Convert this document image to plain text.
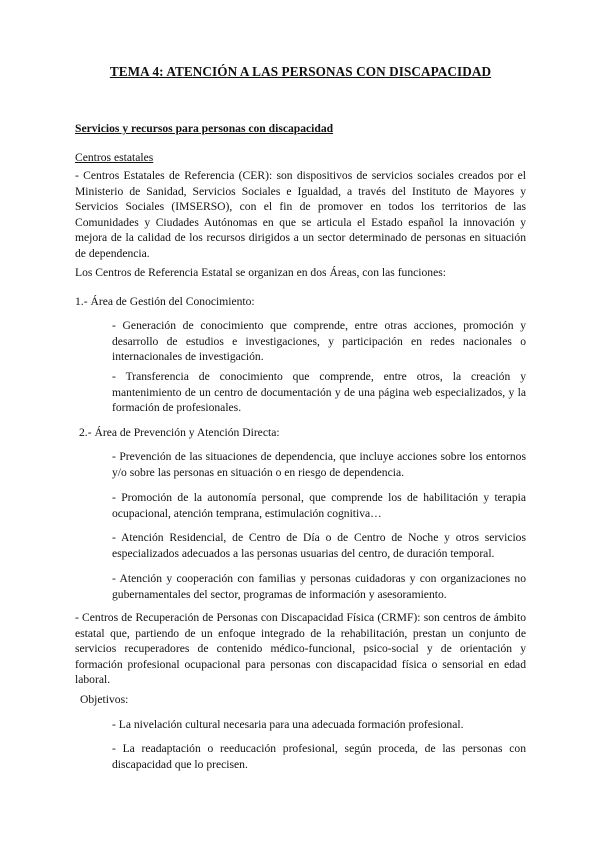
TEMA 4: ATENCIÓN A LAS PERSONAS CON DISCAPACIDAD
Servicios y recursos para personas con discapacidad
Centros estatales
- Centros Estatales de Referencia (CER): son dispositivos de servicios sociales creados por el Ministerio de Sanidad, Servicios Sociales e Igualdad, a través del Instituto de Mayores y Servicios Sociales (IMSERSO), con el fin de promover en todos los territorios de las Comunidades y Ciudades Autónomas en que se articula el Estado español la innovación y mejora de la calidad de los recursos dirigidos a un sector determinado de personas en situación de dependencia.
Los Centros de Referencia Estatal se organizan en dos Áreas, con las funciones:
1.- Área de Gestión del Conocimiento:
- Generación de conocimiento que comprende, entre otras acciones, promoción y desarrollo de estudios e investigaciones, y participación en redes nacionales o internacionales de investigación.
- Transferencia de conocimiento que comprende, entre otros, la creación y mantenimiento de un centro de documentación y de una página web especializados, y la formación de profesionales.
2.- Área de Prevención y Atención Directa:
- Prevención de las situaciones de dependencia, que incluye acciones sobre los entornos y/o sobre las personas en situación o en riesgo de dependencia.
- Promoción de la autonomía personal, que comprende los de habilitación y terapia ocupacional, atención temprana, estimulación cognitiva…
- Atención Residencial, de Centro de Día o de Centro de Noche y otros servicios especializados adecuados a las personas usuarias del centro, de duración temporal.
- Atención y cooperación con familias y personas cuidadoras y con organizaciones no gubernamentales del sector, programas de información y asesoramiento.
- Centros de Recuperación de Personas con Discapacidad Física (CRMF): son centros de ámbito estatal que, partiendo de un enfoque integrado de la rehabilitación, prestan un conjunto de servicios recuperadores de contenido médico-funcional, psico-social y de orientación y formación profesional ocupacional para personas con discapacidad física o sensorial en edad laboral.
Objetivos:
- La nivelación cultural necesaria para una adecuada formación profesional.
- La readaptación o reeducación profesional, según proceda, de las personas con discapacidad que lo precisen.
